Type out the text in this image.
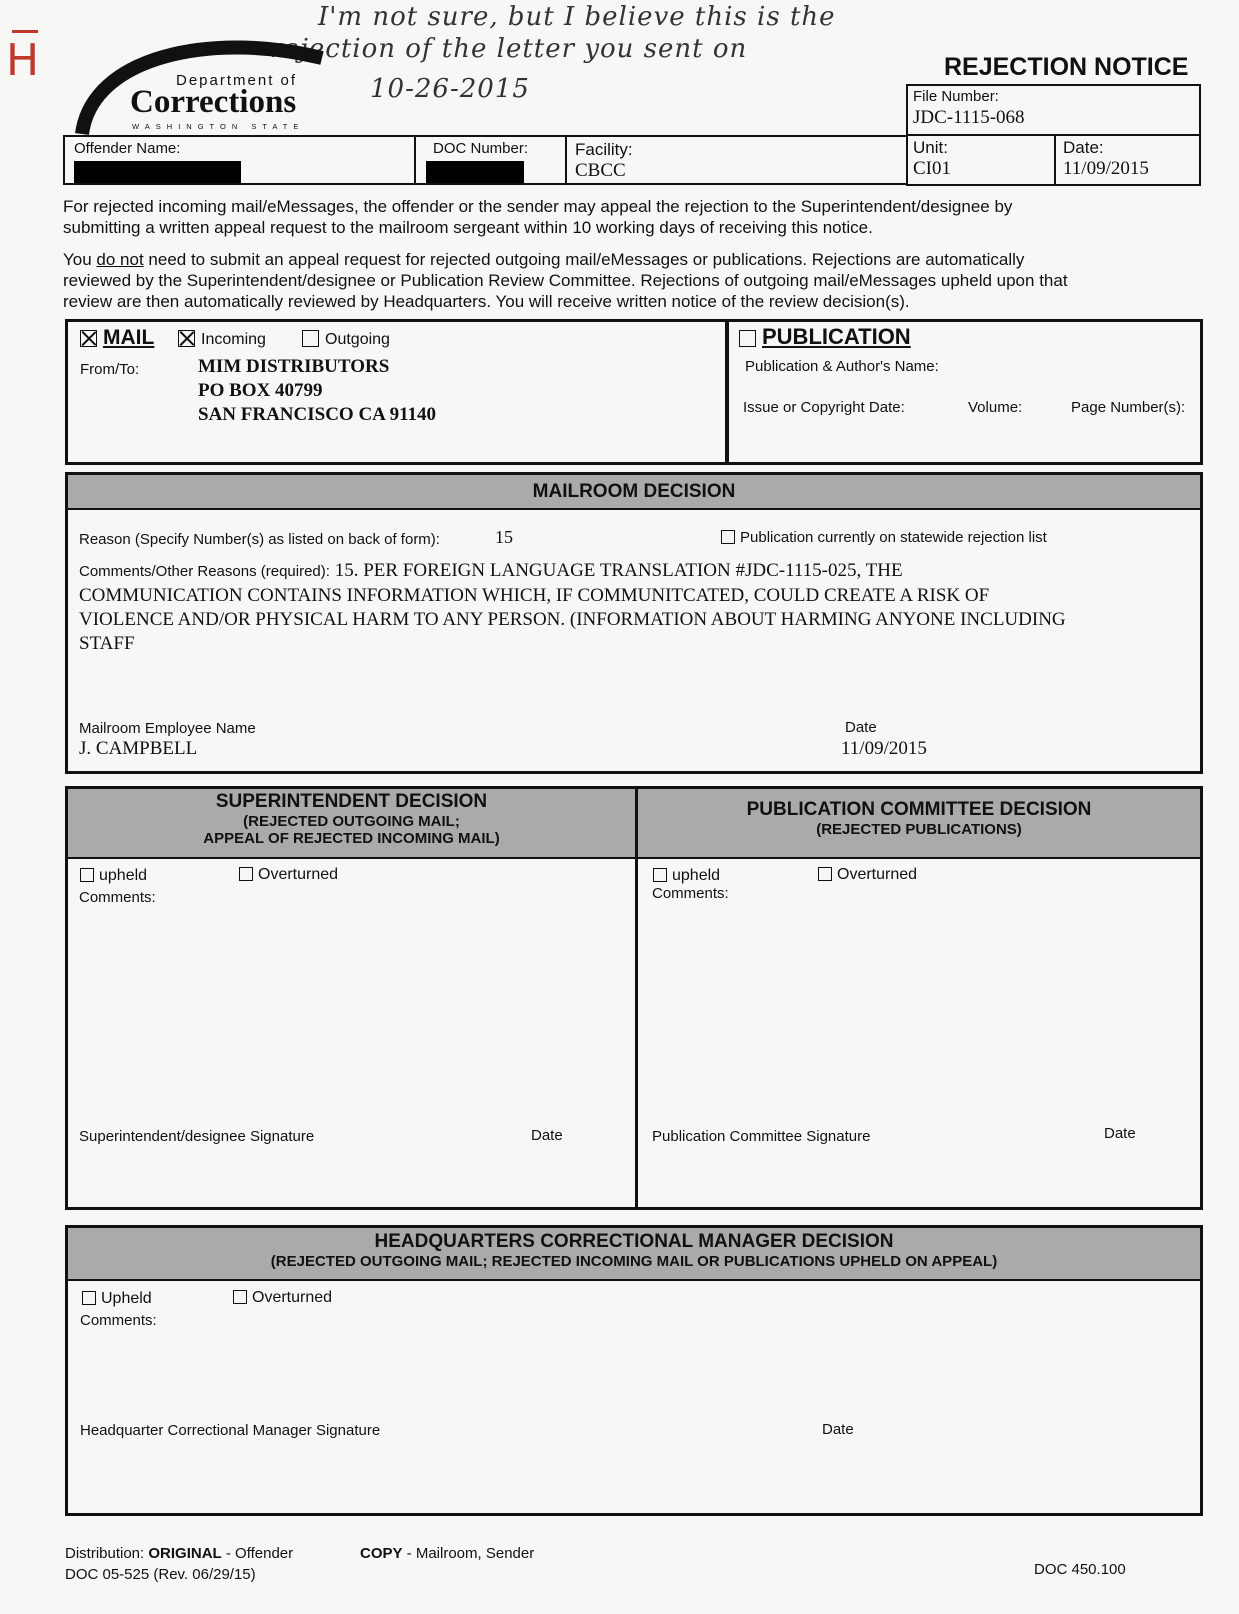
H
I'm not sure, but I believe this is the
rejection of the letter you sent on
10-26-2015
Department of
Corrections
WASHINGTON STATE
REJECTION NOTICE
Offender Name:	DOC Number:	Facility:
CBCC
File Number:
JDC-1115-068
Unit:
CI01
Date:
11/09/2015
For rejected incoming mail/eMessages, the offender or the sender may appeal the rejection to the Superintendent/designee by
submitting a written appeal request to the mailroom sergeant within 10 working days of receiving this notice.
You do not need to submit an appeal request for rejected outgoing mail/eMessages or publications. Rejections are automatically
reviewed by the Superintendent/designee or Publication Review Committee. Rejections of outgoing mail/eMessages upheld upon that
review are then automatically reviewed by Headquarters. You will receive written notice of the review decision(s).
MAIL	Incoming	Outgoing
From/To:	MIM DISTRIBUTORS
PO BOX 40799
SAN FRANCISCO CA 91140
PUBLICATION
Publication & Author's Name:
Issue or Copyright Date:	Volume:	Page Number(s):
MAILROOM DECISION
Reason (Specify Number(s) as listed on back of form):	15	Publication currently on statewide rejection list
Comments/Other Reasons (required): 15. PER FOREIGN LANGUAGE TRANSLATION #JDC-1115-025, THE
COMMUNICATION CONTAINS INFORMATION WHICH, IF COMMUNITCATED, COULD CREATE A RISK OF
VIOLENCE AND/OR PHYSICAL HARM TO ANY PERSON. (INFORMATION ABOUT HARMING ANYONE INCLUDING
STAFF
Mailroom Employee Name
J. CAMPBELL
Date
11/09/2015
SUPERINTENDENT DECISION
(REJECTED OUTGOING MAIL;
APPEAL OF REJECTED INCOMING MAIL)
upheld	Overturned
Comments:
Superintendent/designee Signature	Date
PUBLICATION COMMITTEE DECISION
(REJECTED PUBLICATIONS)
upheld	Overturned
Comments:
Publication Committee Signature	Date
HEADQUARTERS CORRECTIONAL MANAGER DECISION
(REJECTED OUTGOING MAIL; REJECTED INCOMING MAIL OR PUBLICATIONS UPHELD ON APPEAL)
Upheld	Overturned
Comments:
Headquarter Correctional Manager Signature	Date
Distribution: ORIGINAL - Offender	COPY - Mailroom, Sender
DOC 05-525 (Rev. 06/29/15)	DOC 450.100
